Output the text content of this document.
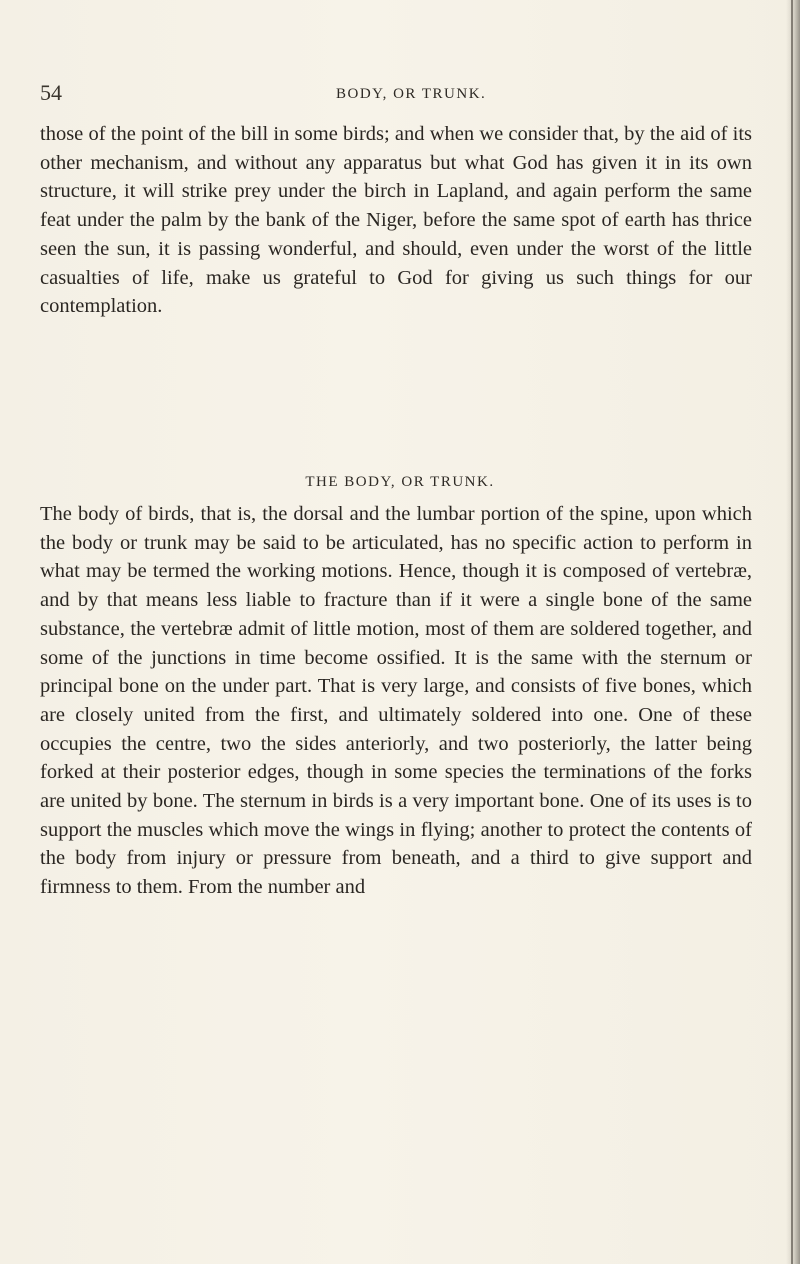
54	BODY, OR TRUNK.
those of the point of the bill in some birds; and when we consider that, by the aid of its other mechanism, and without any apparatus but what God has given it in its own structure, it will strike prey under the birch in Lapland, and again perform the same feat under the palm by the bank of the Niger, before the same spot of earth has thrice seen the sun, it is passing wonderful, and should, even under the worst of the little casualties of life, make us grateful to God for giving us such things for our contemplation.
THE BODY, OR TRUNK.
The body of birds, that is, the dorsal and the lumbar portion of the spine, upon which the body or trunk may be said to be articulated, has no specific action to perform in what may be termed the working motions. Hence, though it is composed of vertebræ, and by that means less liable to fracture than if it were a single bone of the same substance, the vertebræ admit of little motion, most of them are soldered together, and some of the junctions in time become ossified. It is the same with the sternum or principal bone on the under part. That is very large, and consists of five bones, which are closely united from the first, and ultimately soldered into one. One of these occupies the centre, two the sides anteriorly, and two posteriorly, the latter being forked at their posterior edges, though in some species the terminations of the forks are united by bone. The sternum in birds is a very important bone. One of its uses is to support the muscles which move the wings in flying; another to protect the contents of the body from injury or pressure from beneath, and a third to give support and firmness to them. From the number and
